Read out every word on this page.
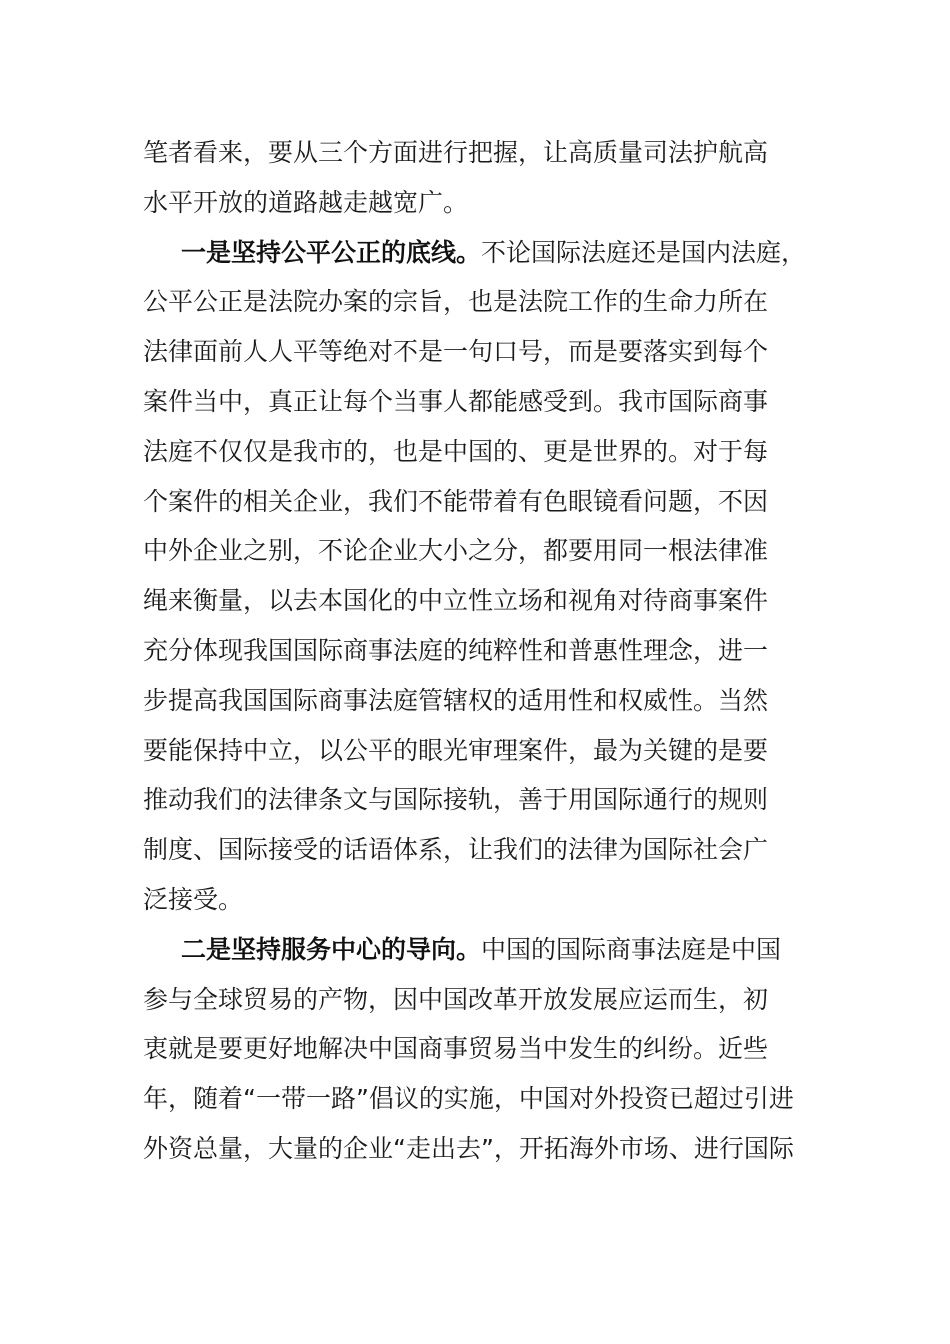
笔者看来，要从三个方面进行把握，让高质量司法护航高
水平开放的道路越走越宽广。
一是坚持公平公正的底线。不论国际法庭还是国内法庭，
公平公正是法院办案的宗旨，也是法院工作的生命力所在
法律面前人人平等绝对不是一句口号，而是要落实到每个
案件当中，真正让每个当事人都能感受到。我市国际商事
法庭不仅仅是我市的，也是中国的、更是世界的。对于每
个案件的相关企业，我们不能带着有色眼镜看问题，不因
中外企业之别，不论企业大小之分，都要用同一根法律准
绳来衡量，以去本国化的中立性立场和视角对待商事案件
充分体现我国国际商事法庭的纯粹性和普惠性理念，进一
步提高我国国际商事法庭管辖权的适用性和权威性。当然
要能保持中立，以公平的眼光审理案件，最为关键的是要
推动我们的法律条文与国际接轨，善于用国际通行的规则
制度、国际接受的话语体系，让我们的法律为国际社会广
泛接受。
二是坚持服务中心的导向。中国的国际商事法庭是中国
参与全球贸易的产物，因中国改革开放发展应运而生，初
衷就是要更好地解决中国商事贸易当中发生的纠纷。近些
年，随着“一带一路”倡议的实施，中国对外投资已超过引进
外资总量，大量的企业“走出去”，开拓海外市场、进行国际
